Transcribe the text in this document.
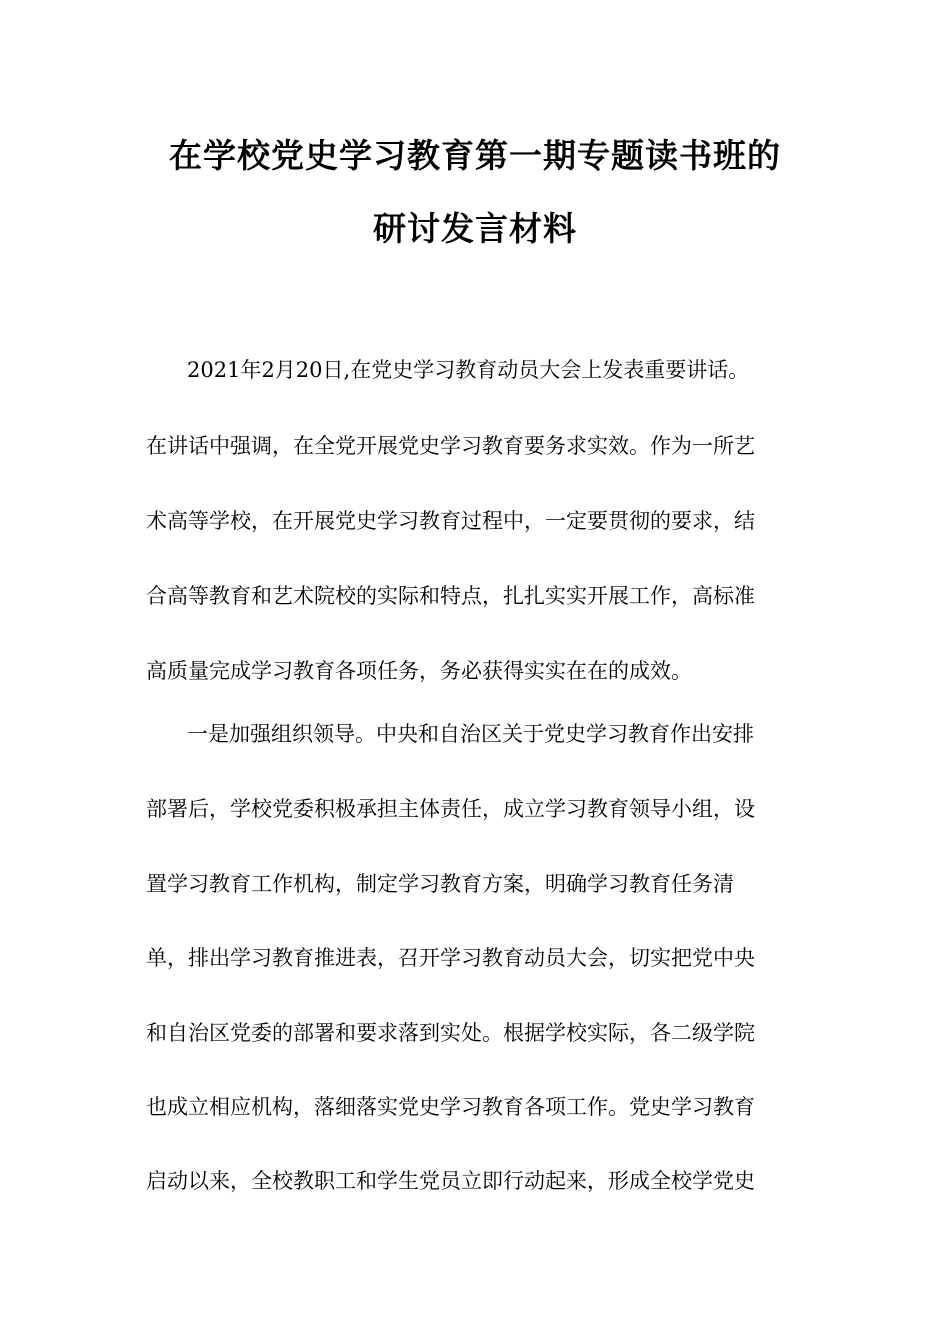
在学校党史学习教育第一期专题读书班的
研讨发言材料
2021年2月20日,在党史学习教育动员大会上发表重要讲话。
在讲话中强调，在全党开展党史学习教育要务求实效。作为一所艺
术高等学校，在开展党史学习教育过程中，一定要贯彻的要求，结
合高等教育和艺术院校的实际和特点，扎扎实实开展工作，高标准
高质量完成学习教育各项任务，务必获得实实在在的成效。
一是加强组织领导。中央和自治区关于党史学习教育作出安排
部署后，学校党委积极承担主体责任，成立学习教育领导小组，设
置学习教育工作机构，制定学习教育方案，明确学习教育任务清
单，排出学习教育推进表，召开学习教育动员大会，切实把党中央
和自治区党委的部署和要求落到实处。根据学校实际，各二级学院
也成立相应机构，落细落实党史学习教育各项工作。党史学习教育
启动以来，全校教职工和学生党员立即行动起来，形成全校学党史
